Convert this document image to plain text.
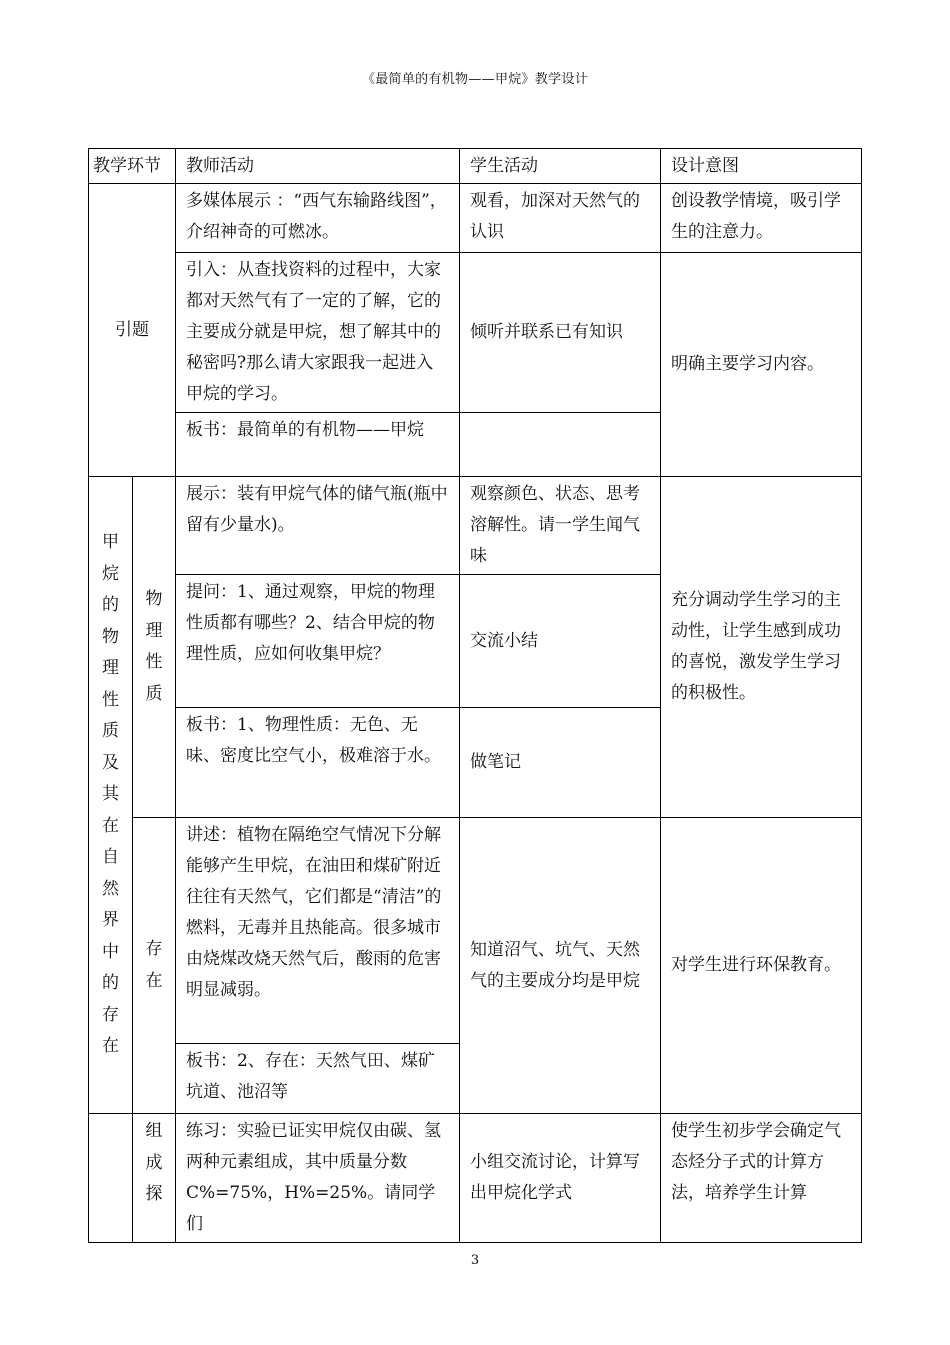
《最简单的有机物——甲烷》教学设计
教学环节		教师活动	学生活动	设计意图
引题		多媒体展示 ：“西气东输路线图”，介绍神奇的可燃冰。	观看，加深对天然气的认识	创设教学情境，吸引学生的注意力。
		引入：从查找资料的过程中，大家都对天然气有了一定的了解，它的主要成分就是甲烷，想了解其中的秘密吗?那么请大家跟我一起进入甲烷的学习。	倾听并联系已有知识	明确主要学习内容。
		板书：最简单的有机物——甲烷		

甲烷的物理性质及其在自然界中的存在	物理性质	展示：装有甲烷气体的储气瓶(瓶中留有少量水)。	观察颜色、状态、思考溶解性。请一学生闻气味	充分调动学生学习的主动性，让学生感到成功的喜悦，激发学生学习的积极性。
		提问：1、通过观察，甲烷的物理性质都有哪些？2、结合甲烷的物理性质，应如何收集甲烷？	交流小结	
		板书：1、物理性质：无色、无味、密度比空气小，极难溶于水。	做笔记	

	存在	讲述：植物在隔绝空气情况下分解能够产生甲烷，在油田和煤矿附近往往有天然气，它们都是“清洁”的燃料，无毒并且热能高。很多城市由烧煤改烧天然气后，酸雨的危害明显减弱。	知道沼气、坑气、天然气的主要成分均是甲烷	对学生进行环保教育。
		板书：2、存在：天然气田、煤矿坑道、池沼等		

	组成探	练习：实验已证实甲烷仅由碳、氢两种元素组成，其中质量分数C%=75%，H%=25%。请同学们	小组交流讨论，计算写出甲烷化学式	使学生初步学会确定气态烃分子式的计算方法，培养学生计算
3
